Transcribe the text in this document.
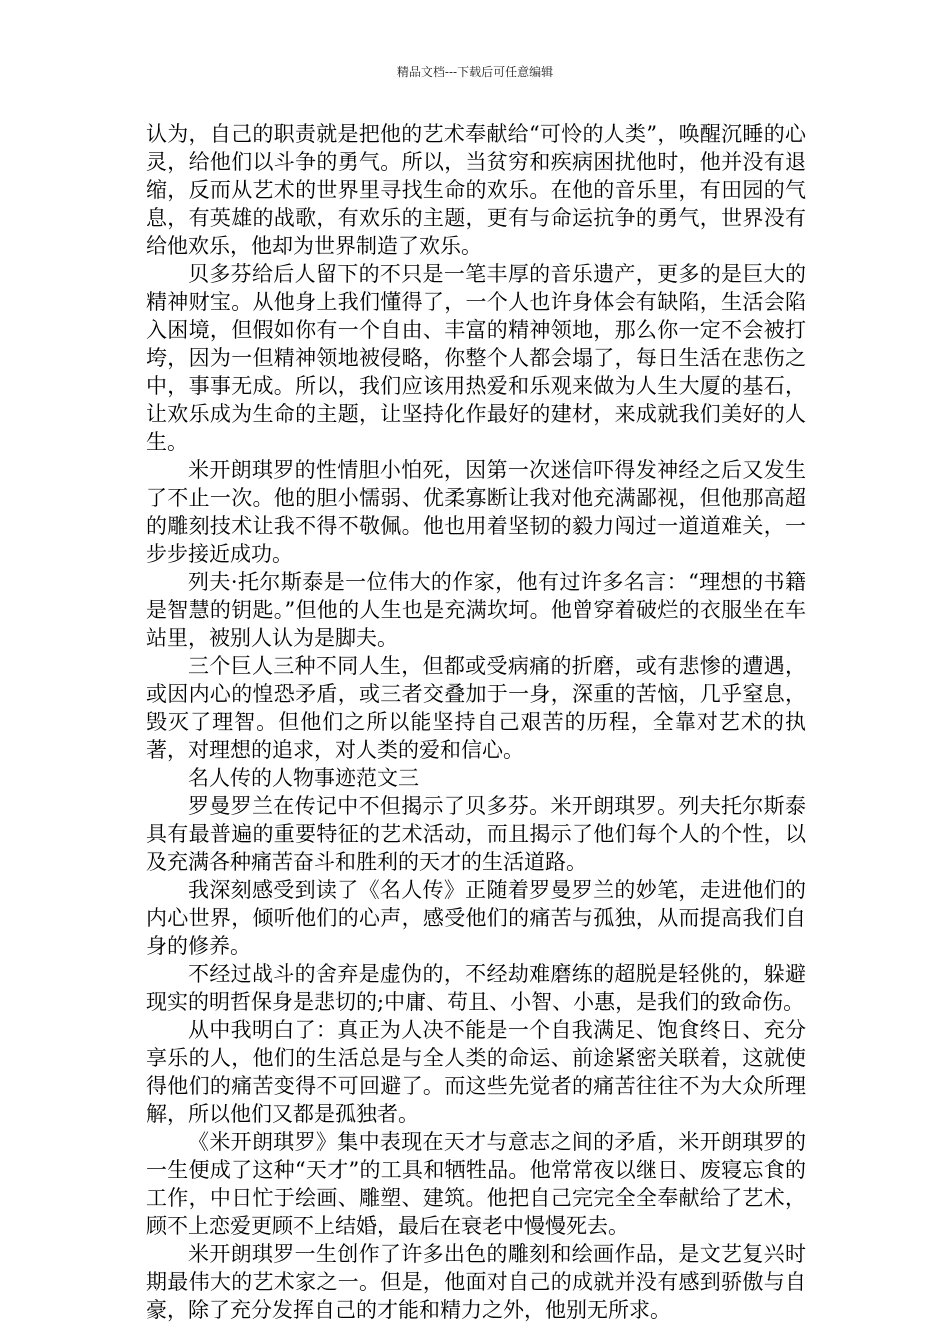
精品文档---下载后可任意编辑

认为，自己的职责就是把他的艺术奉献给“可怜的人类”，唤醒沉睡的心灵，给他们以斗争的勇气。所以，当贫穷和疾病困扰他时，他并没有退缩，反而从艺术的世界里寻找生命的欢乐。在他的音乐里，有田园的气息，有英雄的战歌，有欢乐的主题，更有与命运抗争的勇气，世界没有给他欢乐，他却为世界制造了欢乐。

贝多芬给后人留下的不只是一笔丰厚的音乐遗产，更多的是巨大的精神财宝。从他身上我们懂得了，一个人也许身体会有缺陷，生活会陷入困境，但假如你有一个自由、丰富的精神领地，那么你一定不会被打垮，因为一但精神领地被侵略，你整个人都会塌了，每日生活在悲伤之中，事事无成。所以，我们应该用热爱和乐观来做为人生大厦的基石，让欢乐成为生命的主题，让坚持化作最好的建材，来成就我们美好的人生。

米开朗琪罗的性情胆小怕死，因第一次迷信吓得发神经之后又发生了不止一次。他的胆小懦弱、优柔寡断让我对他充满鄙视，但他那高超的雕刻技术让我不得不敬佩。他也用着坚韧的毅力闯过一道道难关，一步步接近成功。

列夫·托尔斯泰是一位伟大的作家，他有过许多名言：“理想的书籍是智慧的钥匙。”但他的人生也是充满坎坷。他曾穿着破烂的衣服坐在车站里，被别人认为是脚夫。

三个巨人三种不同人生，但都或受病痛的折磨，或有悲惨的遭遇，或因内心的惶恐矛盾，或三者交叠加于一身，深重的苦恼，几乎窒息，毁灭了理智。但他们之所以能坚持自己艰苦的历程，全靠对艺术的执著，对理想的追求，对人类的爱和信心。

名人传的人物事迹范文三

罗曼罗兰在传记中不但揭示了贝多芬。米开朗琪罗。列夫托尔斯泰具有最普遍的重要特征的艺术活动，而且揭示了他们每个人的个性，以及充满各种痛苦奋斗和胜利的天才的生活道路。

我深刻感受到读了《名人传》正随着罗曼罗兰的妙笔，走进他们的内心世界，倾听他们的心声，感受他们的痛苦与孤独，从而提高我们自身的修养。

不经过战斗的舍弃是虚伪的，不经劫难磨练的超脱是轻佻的，躲避现实的明哲保身是悲切的;中庸、苟且、小智、小惠，是我们的致命伤。

从中我明白了：真正为人决不能是一个自我满足、饱食终日、充分享乐的人，他们的生活总是与全人类的命运、前途紧密关联着，这就使得他们的痛苦变得不可回避了。而这些先觉者的痛苦往往不为大众所理解，所以他们又都是孤独者。

《米开朗琪罗》集中表现在天才与意志之间的矛盾，米开朗琪罗的一生便成了这种“天才”的工具和牺牲品。他常常夜以继日、废寝忘食的工作，中日忙于绘画、雕塑、建筑。他把自己完完全全奉献给了艺术，顾不上恋爱更顾不上结婚，最后在衰老中慢慢死去。

米开朗琪罗一生创作了许多出色的雕刻和绘画作品，是文艺复兴时期最伟大的艺术家之一。但是，他面对自己的成就并没有感到骄傲与自豪，除了充分发挥自己的才能和精力之外，他别无所求。
